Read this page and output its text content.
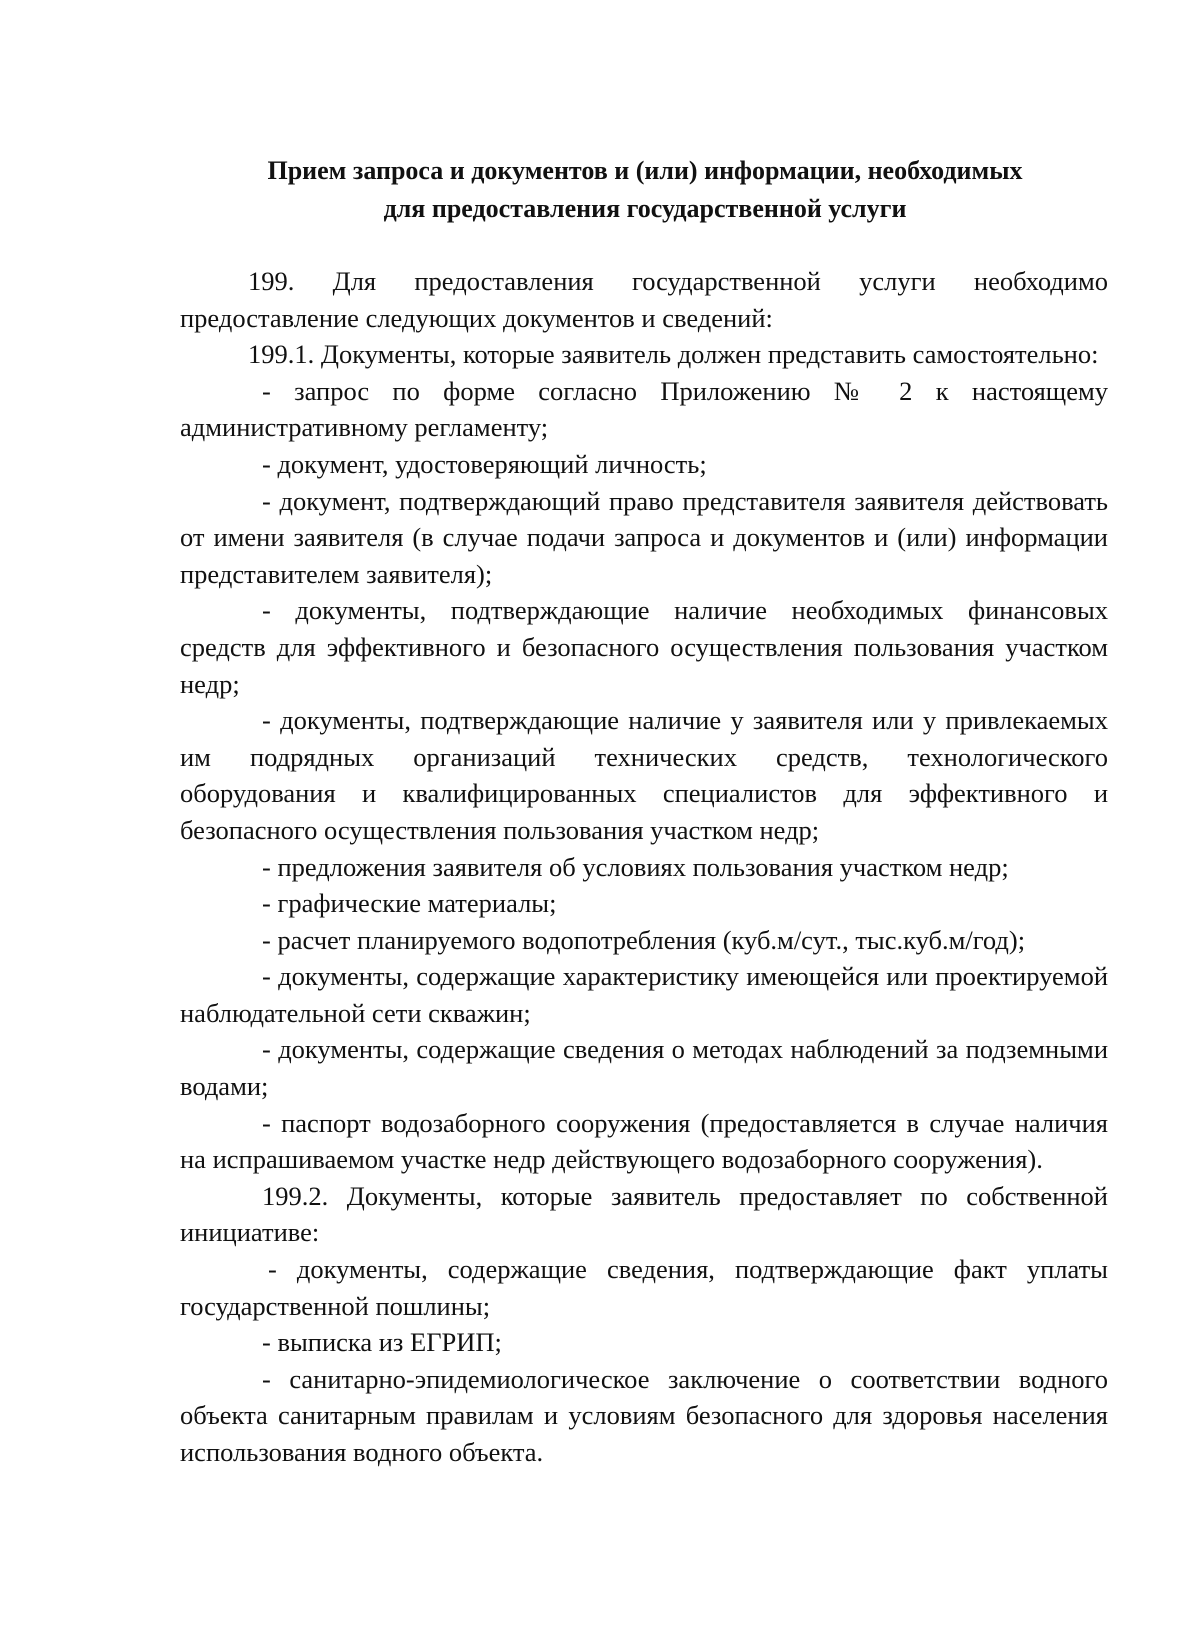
Прием запроса и документов и (или) информации, необходимых
для предоставления государственной услуги

199. Для предоставления государственной услуги необходимо предоставление следующих документов и сведений:

199.1. Документы, которые заявитель должен представить самостоятельно:

- запрос по форме согласно Приложению № 2 к настоящему административному регламенту;

- документ, удостоверяющий личность;

- документ, подтверждающий право представителя заявителя действовать от имени заявителя (в случае подачи запроса и документов и (или) информации представителем заявителя);

- документы, подтверждающие наличие необходимых финансовых средств для эффективного и безопасного осуществления пользования участком недр;

- документы, подтверждающие наличие у заявителя или у привлекаемых им подрядных организаций технических средств, технологического оборудования и квалифицированных специалистов для эффективного и безопасного осуществления пользования участком недр;

- предложения заявителя об условиях пользования участком недр;

- графические материалы;

- расчет планируемого водопотребления (куб.м/сут., тыс.куб.м/год);

- документы, содержащие характеристику имеющейся или проектируемой наблюдательной сети скважин;

- документы, содержащие сведения о методах наблюдений за подземными водами;

- паспорт водозаборного сооружения (предоставляется в случае наличия на испрашиваемом участке недр действующего водозаборного сооружения).

199.2. Документы, которые заявитель предоставляет по собственной инициативе:

- документы, содержащие сведения, подтверждающие факт уплаты государственной пошлины;

- выписка из ЕГРИП;

- санитарно-эпидемиологическое заключение о соответствии водного объекта санитарным правилам и условиям безопасного для здоровья населения использования водного объекта.
